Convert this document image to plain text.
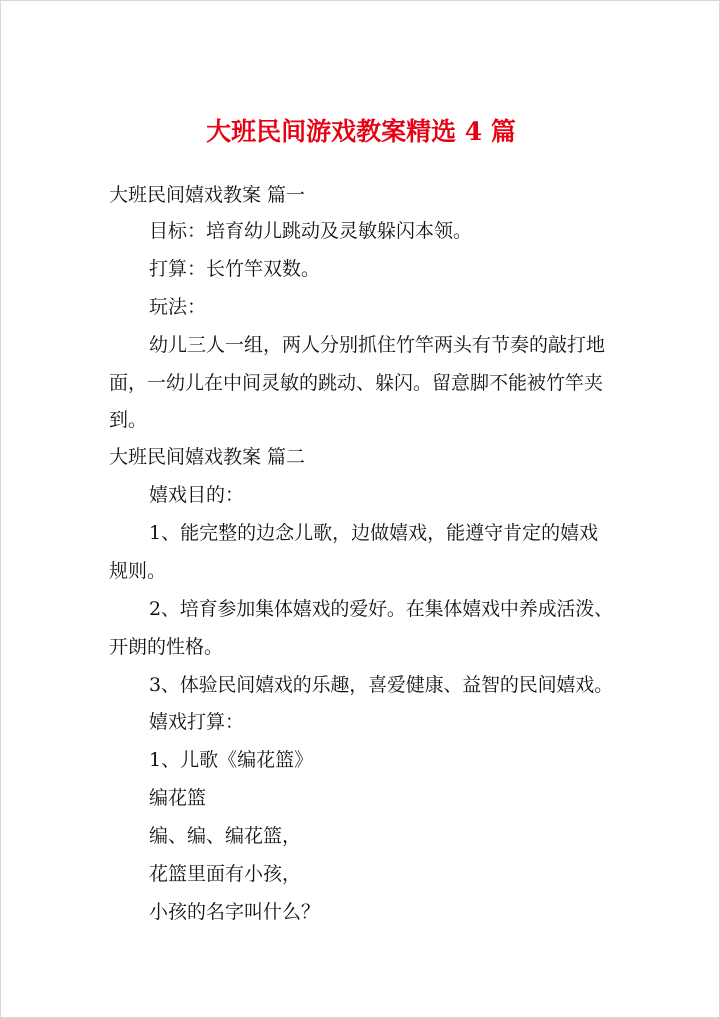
大班民间游戏教案精选 4 篇

大班民间嬉戏教案 篇一

目标：培育幼儿跳动及灵敏躲闪本领。

打算：长竹竿双数。

玩法：

幼儿三人一组，两人分别抓住竹竿两头有节奏的敲打地

面，一幼儿在中间灵敏的跳动、躲闪。留意脚不能被竹竿夹

到。

大班民间嬉戏教案 篇二

嬉戏目的：

1、能完整的边念儿歌，边做嬉戏，能遵守肯定的嬉戏

规则。

2、培育参加集体嬉戏的爱好。在集体嬉戏中养成活泼、

开朗的性格。

3、体验民间嬉戏的乐趣，喜爱健康、益智的民间嬉戏。

嬉戏打算：

1、儿歌《编花篮》

编花篮

编、编、编花篮，

花篮里面有小孩，

小孩的名字叫什么？
